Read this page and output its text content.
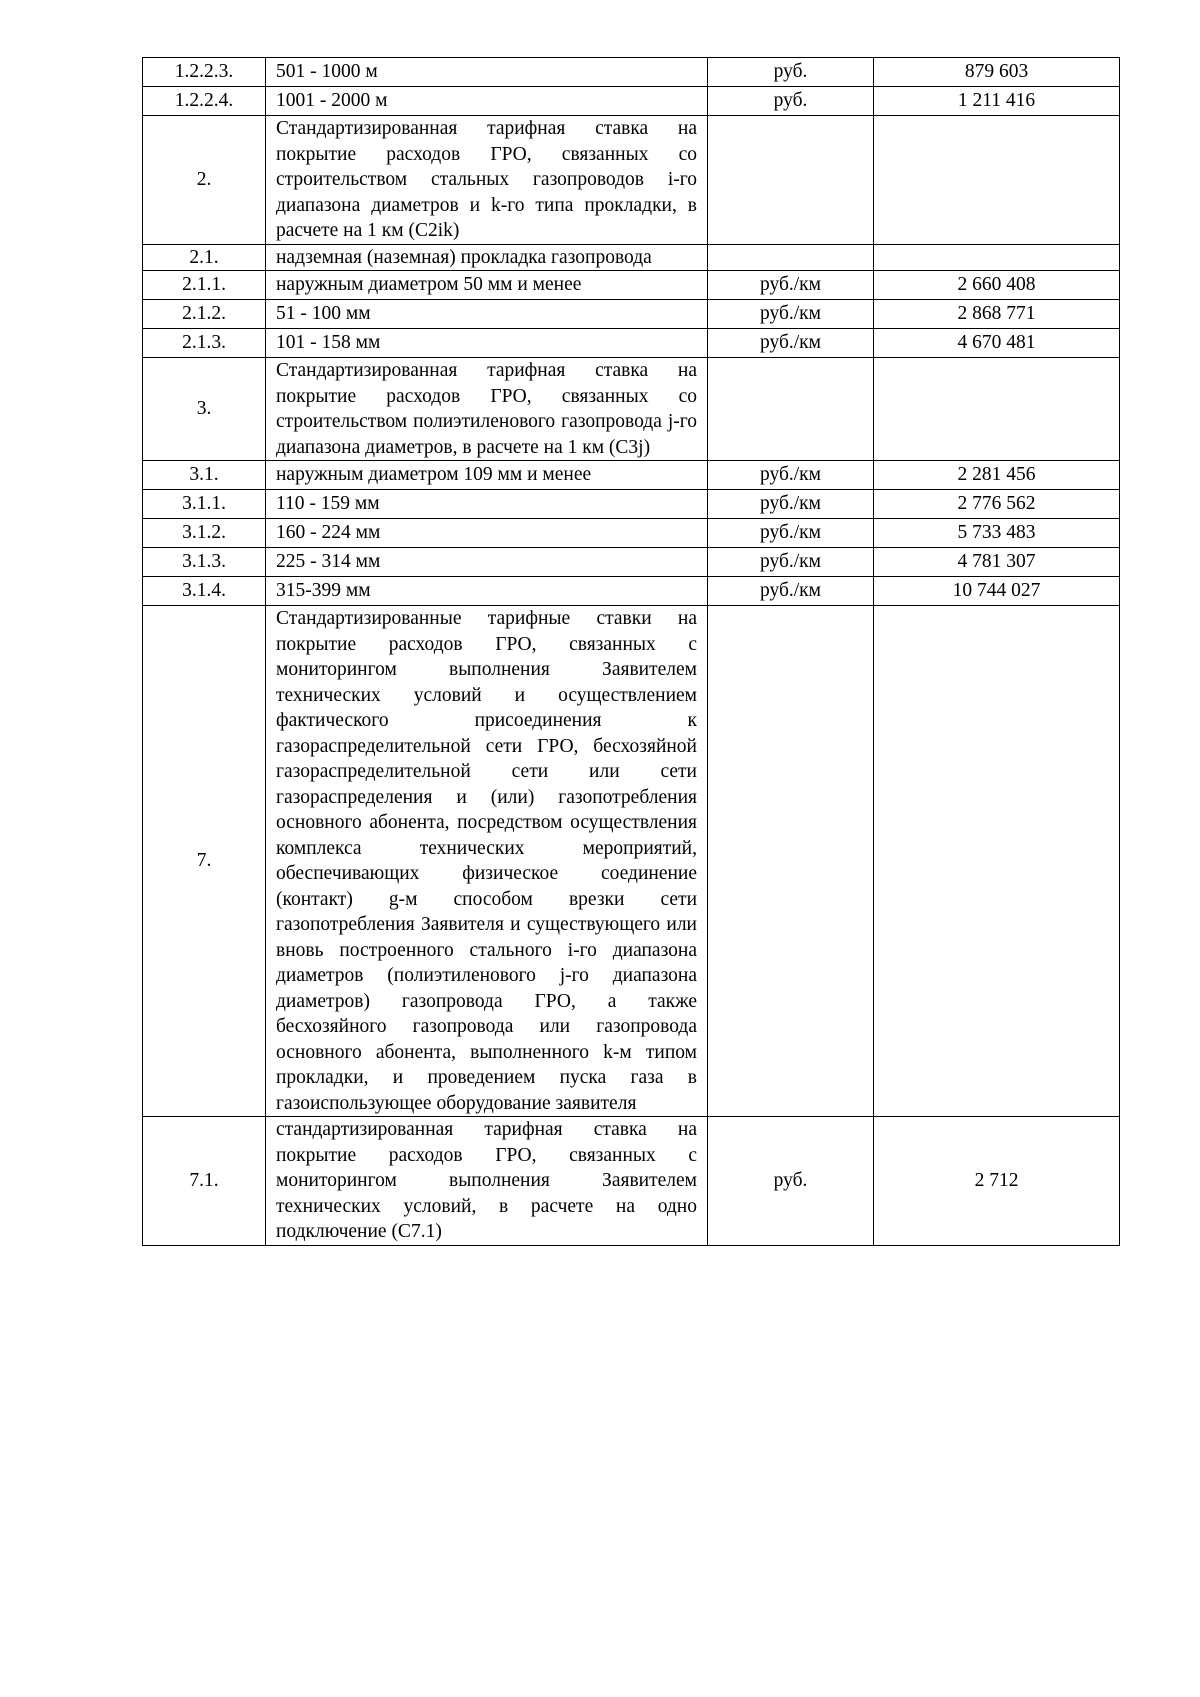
1.2.2.3.	501 - 1000 м	руб.	879 603
1.2.2.4.	1001 - 2000 м	руб.	1 211 416
2.	Стандартизированная тарифная ставка на покрытие расходов ГРО, связанных со строительством стальных газопроводов i-го диапазона диаметров и k-го типа прокладки, в расчете на 1 км (С2ik)		
2.1.	надземная (наземная) прокладка газопровода		
2.1.1.	наружным диаметром 50 мм и менее	руб./км	2 660 408
2.1.2.	51 - 100 мм	руб./км	2 868 771
2.1.3.	101 - 158 мм	руб./км	4 670 481
3.	Стандартизированная тарифная ставка на покрытие расходов ГРО, связанных со строительством полиэтиленового газопровода j-го диапазона диаметров, в расчете на 1 км (С3j)		
3.1.	наружным диаметром 109 мм и менее	руб./км	2 281 456
3.1.1.	110 - 159 мм	руб./км	2 776 562
3.1.2.	160 - 224 мм	руб./км	5 733 483
3.1.3.	225 - 314 мм	руб./км	4 781 307
3.1.4.	315-399 мм	руб./км	10 744 027
7.	Стандартизированные тарифные ставки на покрытие расходов ГРО, связанных с мониторингом выполнения Заявителем технических условий и осуществлением фактического присоединения к газораспределительной сети ГРО, бесхозяйной газораспределительной сети или сети газораспределения и (или) газопотребления основного абонента, посредством осуществления комплекса технических мероприятий, обеспечивающих физическое соединение (контакт) g-м способом врезки сети газопотребления Заявителя и существующего или вновь построенного стального i-го диапазона диаметров (полиэтиленового j-го диапазона диаметров) газопровода ГРО, а также бесхозяйного газопровода или газопровода основного абонента, выполненного k-м типом прокладки, и проведением пуска газа в газоиспользующее оборудование заявителя		
7.1.	стандартизированная тарифная ставка на покрытие расходов ГРО, связанных с мониторингом выполнения Заявителем технических условий, в расчете на одно подключение (С7.1)	руб.	2 712
